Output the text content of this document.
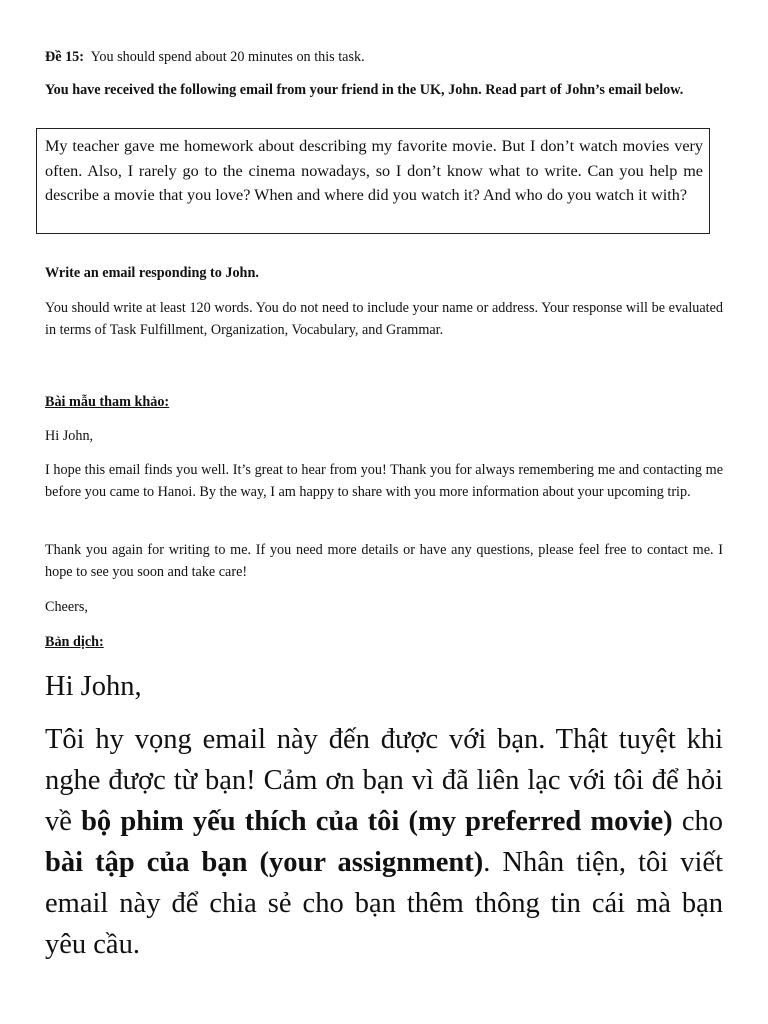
Đề 15: You should spend about 20 minutes on this task.

You have received the following email from your friend in the UK, John. Read part of John’s email below.

Write an email responding to John.

You should write at least 120 words. You do not need to include your name or address. Your response will be evaluated in terms of Task Fulfillment, Organization, Vocabulary, and Grammar.

Bài mẫu tham khảo:

Hi John,

I hope this email finds you well. It’s great to hear from you! Thank you for always remembering me and contacting me before you came to Hanoi. By the way, I am happy to share with you more information about your upcoming trip.

Thank you again for writing to me. If you need more details or have any questions, please feel free to contact me. I hope to see you soon and take care!

Cheers,

Bản dịch:

Hi John,

Tôi hy vọng email này đến được với bạn. Thật tuyệt khi nghe được từ bạn! Cảm ơn bạn vì đã liên lạc với tôi để hỏi về bộ phim yếu thích của tôi (my preferred movie) cho bài tập của bạn (your assignment). Nhân tiện, tôi viết email này để chia sẻ cho bạn thêm thông tin cái mà bạn yêu cầu.

My teacher gave me homework about describing my favorite movie. But I don’t watch movies very often. Also, I rarely go to the cinema nowadays, so I don’t know what to write. Can you help me describe a movie that you love? When and where did you watch it? And who do you watch it with?
